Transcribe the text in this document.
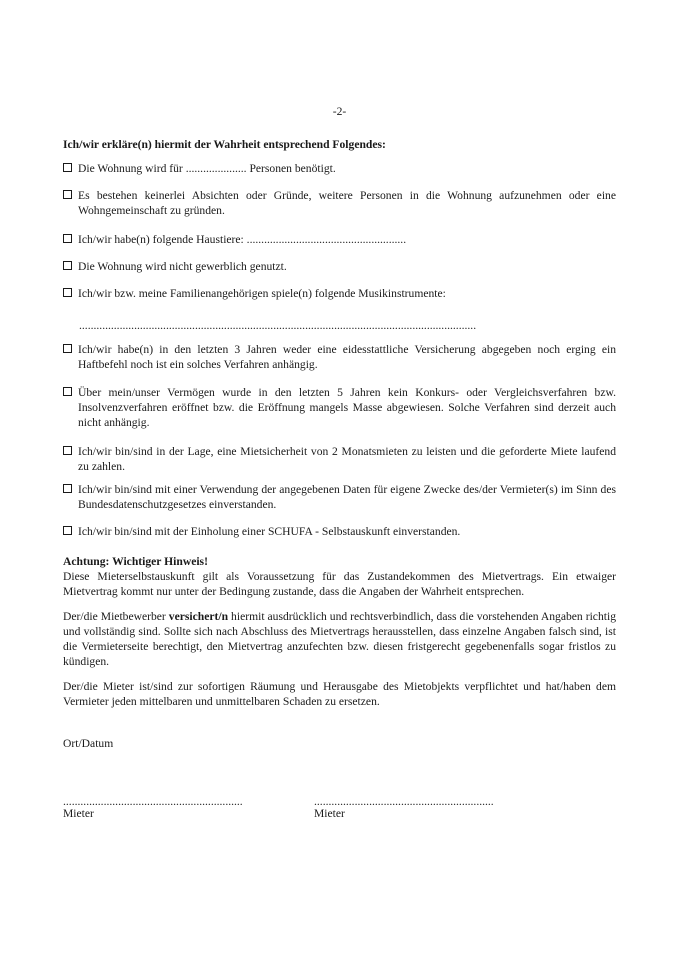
-2-
Ich/wir erkläre(n) hiermit der Wahrheit entsprechend Folgendes:
Die Wohnung wird für ..................... Personen benötigt.
Es bestehen keinerlei Absichten oder Gründe, weitere Personen in die Wohnung aufzunehmen oder eine Wohngemeinschaft zu gründen.
Ich/wir habe(n) folgende Haustiere: .......................................................
Die Wohnung wird nicht gewerblich genutzt.
Ich/wir bzw. meine Familienangehörigen spiele(n) folgende Musikinstrumente:
.........................................................................................................................................
Ich/wir habe(n) in den letzten 3 Jahren weder eine eidesstattliche Versicherung abgegeben noch erging ein Haftbefehl noch ist ein solches Verfahren anhängig.
Über mein/unser Vermögen wurde in den letzten 5 Jahren kein Konkurs- oder Vergleichsverfahren bzw. Insolvenzverfahren eröffnet bzw. die Eröffnung mangels Masse abgewiesen. Solche Verfahren sind derzeit auch nicht anhängig.
Ich/wir bin/sind in der Lage, eine Mietsicherheit von 2 Monatsmieten zu leisten und die geforderte Miete laufend zu zahlen.
Ich/wir bin/sind mit einer Verwendung der angegebenen Daten für eigene Zwecke des/der Vermieter(s) im Sinn des Bundesdatenschutzgesetzes einverstanden.
Ich/wir bin/sind mit der Einholung einer SCHUFA - Selbstauskunft einverstanden.
Achtung: Wichtiger Hinweis!
Diese Mieterselbstauskunft gilt als Voraussetzung für das Zustandekommen des Mietvertrags. Ein etwaiger Mietvertrag kommt nur unter der Bedingung zustande, dass die Angaben der Wahrheit entsprechen.
Der/die Mietbewerber versichert/n hiermit ausdrücklich und rechtsverbindlich, dass die vorstehenden Angaben richtig und vollständig sind. Sollte sich nach Abschluss des Mietvertrags herausstellen, dass einzelne Angaben falsch sind, ist die Vermieterseite berechtigt, den Mietvertrag anzufechten bzw. diesen fristgerecht gegebenenfalls sogar fristlos zu kündigen.
Der/die Mieter ist/sind zur sofortigen Räumung und Herausgabe des Mietobjekts verpflichtet und hat/haben dem Vermieter jeden mittelbaren und unmittelbaren Schaden zu ersetzen.
Ort/Datum
..............................................................
Mieter
..............................................................
Mieter
